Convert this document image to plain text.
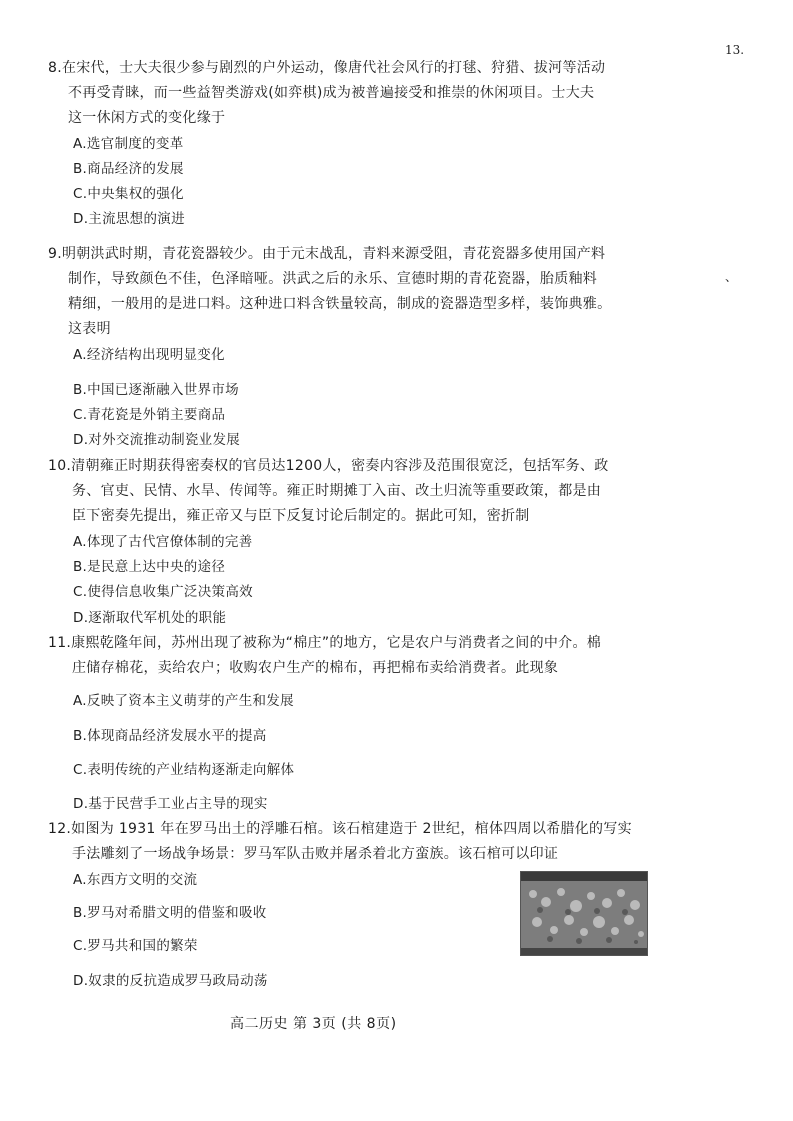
13.
、
8.在宋代，士大夫很少参与剧烈的户外运动，像唐代社会风行的打毬、狩猎、拔河等活动
不再受青睐，而一些益智类游戏(如弈棋)成为被普遍接受和推崇的休闲项目。士大夫
这一休闲方式的变化缘于
A.选官制度的变革
B.商品经济的发展
C.中央集权的强化
D.主流思想的演进
9.明朝洪武时期，青花瓷器较少。由于元末战乱，青料来源受阻，青花瓷器多使用国产料
制作，导致颜色不佳，色泽暗哑。洪武之后的永乐、宣德时期的青花瓷器，胎质釉料
精细，一般用的是进口料。这种进口料含铁量较高，制成的瓷器造型多样，装饰典雅。
这表明
A.经济结构出现明显变化
B.中国已逐渐融入世界市场
C.青花瓷是外销主要商品
D.对外交流推动制瓷业发展
10.清朝雍正时期获得密奏权的官员达1200人，密奏内容涉及范围很宽泛，包括军务、政
务、官吏、民情、水旱、传闻等。雍正时期摊丁入亩、改土归流等重要政策，都是由
臣下密奏先提出，雍正帝又与臣下反复讨论后制定的。据此可知，密折制
A.体现了古代宫僚体制的完善
B.是民意上达中央的途径
C.使得信息收集广泛决策高效
D.逐渐取代军机处的职能
11.康熙乾隆年间，苏州出现了被称为“棉庄”的地方，它是农户与消费者之间的中介。棉
庄储存棉花，卖给农户；收购农户生产的棉布，再把棉布卖给消费者。此现象
A.反映了资本主义萌芽的产生和发展
B.体现商品经济发展水平的提高
C.表明传统的产业结构逐渐走向解体
D.基于民营手工业占主导的现实
12.如图为 1931 年在罗马出土的浮雕石棺。该石棺建造于 2世纪，棺体四周以希腊化的写实
手法雕刻了一场战争场景：罗马军队击败并屠杀着北方蛮族。该石棺可以印证
A.东西方文明的交流
B.罗马对希腊文明的借鉴和吸收
C.罗马共和国的繁荣
D.奴隶的反抗造成罗马政局动荡
高二历史 第 3页 (共 8页)
